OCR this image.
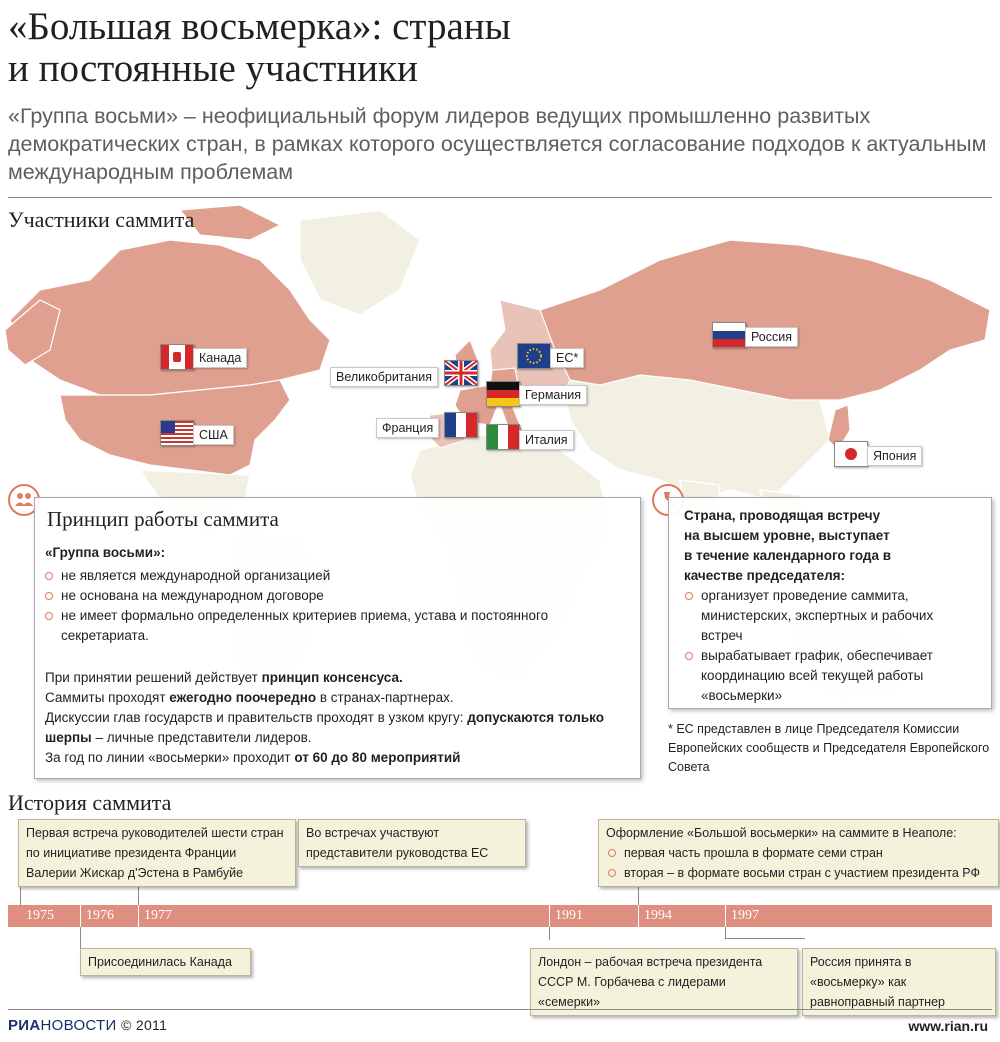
«Большая восьмерка»: страны
и постоянные участники

«Группа восьми» – неофициальный форум лидеров ведущих промышленно развитых демократических стран, в рамках которого осуществляется согласование подходов к актуальным международным проблемам

Участники саммита
Канада
США
Великобритания
Франция
ЕС*
Германия
Италия
Россия
Япония
Принцип работы саммита
«Группа восьми»:
не является международной организацией
не основана на международном договоре
не имеет формально определенных критериев приема, устава и постоянного секретариата.
При принятии решений действует принцип консенсуса.
Саммиты проходят ежегодно поочередно в странах-партнерах.
Дискуссии глав государств и правительств проходят в узком кругу: допускаются только шерпы – личные представители лидеров.
За год по линии «восьмерки» проходит от 60 до 80 мероприятий
Страна, проводящая встречу на высшем уровне, выступает в течение календарного года в качестве председателя:
организует проведение саммита, министерских, экспертных и рабочих встреч
вырабатывает график, обеспечивает координацию всей текущей работы «восьмерки»
* ЕС представлен в лице Председателя Комиссии Европейских сообществ и Председателя Европейского Совета
История саммита
1975 1976 1977	1991	1994	1997
Первая встреча руководителей шести стран по инициативе президента Франции Валерии Жискар д'Эстена в Рамбуйе
Во встречах участвуют представители руководства ЕС
Оформление «Большой восьмерки» на саммите в Неаполе:
первая часть прошла в формате семи стран
вторая – в формате восьми стран с участием президента РФ
Присоединилась Канада	Лондон – рабочая встреча президента СССР М. Горбачева с лидерами «семерки»
Россия принята в «восьмерку» как равноправный партнер
РИАНОВОСТИ © 2011	www.rian.ru
